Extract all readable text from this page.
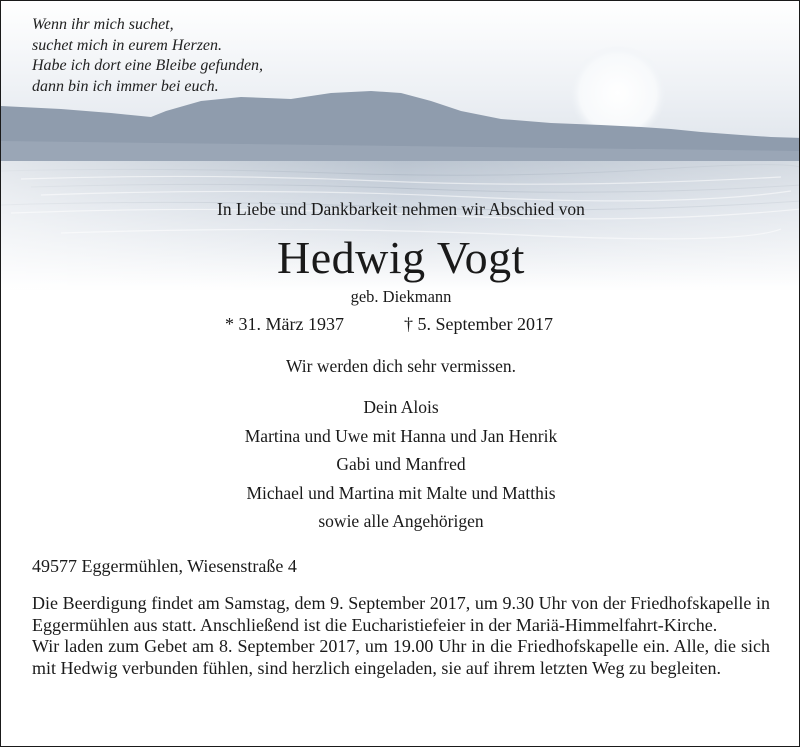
Wenn ihr mich suchet,
suchet mich in eurem Herzen.
Habe ich dort eine Bleibe gefunden,
dann bin ich immer bei euch.
In Liebe und Dankbarkeit nehmen wir Abschied von
Hedwig Vogt
geb. Diekmann
* 31. März 1937	† 5. September 2017
Wir werden dich sehr vermissen.
Dein Alois
Martina und Uwe mit Hanna und Jan Henrik
Gabi und Manfred
Michael und Martina mit Malte und Matthis
sowie alle Angehörigen
49577 Eggermühlen, Wiesenstraße 4

Die Beerdigung findet am Samstag, dem 9. September 2017, um 9.30 Uhr von der Friedhofskapelle in Eggermühlen aus statt. Anschließend ist die Eucharistiefeier in der Mariä-Himmelfahrt-Kirche.

Wir laden zum Gebet am 8. September 2017, um 19.00 Uhr in die Friedhofskapelle ein. Alle, die sich mit Hedwig verbunden fühlen, sind herzlich eingeladen, sie auf ihrem letzten Weg zu begleiten.
